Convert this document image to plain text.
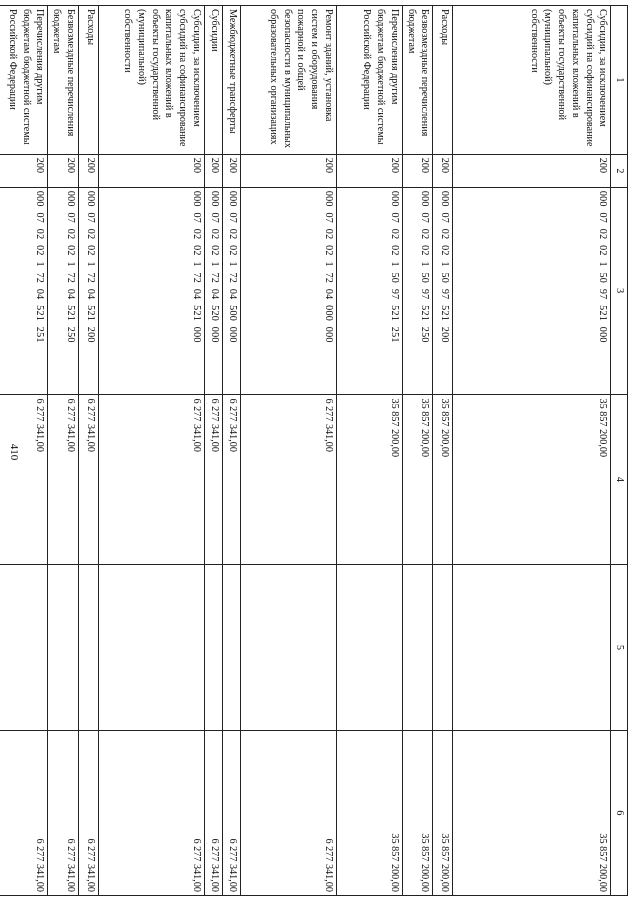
410
1	2	3	4	5	6
Субсидии, за исключением субсидий на софинансирование капитальных вложений в объекты государственной (муниципальной) собственности	200	000 07 02 02 1 50 97 521 000	35 857 200,00		35 857 200,00
Расходы	200	000 07 02 02 1 50 97 521 200	35 857 200,00		35 857 200,00
Безвозмездные перечисления бюджетам	200	000 07 02 02 1 50 97 521 250	35 857 200,00		35 857 200,00
Перечисления другим бюджетам бюджетной системы Российской Федерации	200	000 07 02 02 1 50 97 521 251	35 857 200,00		35 857 200,00
Ремонт зданий, установка систем и оборудования пожарной и общей безопасности в муниципальных образовательных организациях	200	000 07 02 02 1 72 04 000 000	6 277 341,00		6 277 341,00
Межбюджетные трансферты	200	000 07 02 02 1 72 04 500 000	6 277 341,00		6 277 341,00
Субсидии	200	000 07 02 02 1 72 04 520 000	6 277 341,00		6 277 341,00
Субсидии, за исключением субсидий на софинансирование капитальных вложений в объекты государственной (муниципальной) собственности	200	000 07 02 02 1 72 04 521 000	6 277 341,00		6 277 341,00
Расходы	200	000 07 02 02 1 72 04 521 200	6 277 341,00		6 277 341,00
Безвозмездные перечисления бюджетам	200	000 07 02 02 1 72 04 521 250	6 277 341,00		6 277 341,00
Перечисления другим бюджетам бюджетной системы Российской Федерации	200	000 07 02 02 1 72 04 521 251	6 277 341,00		6 277 341,00
